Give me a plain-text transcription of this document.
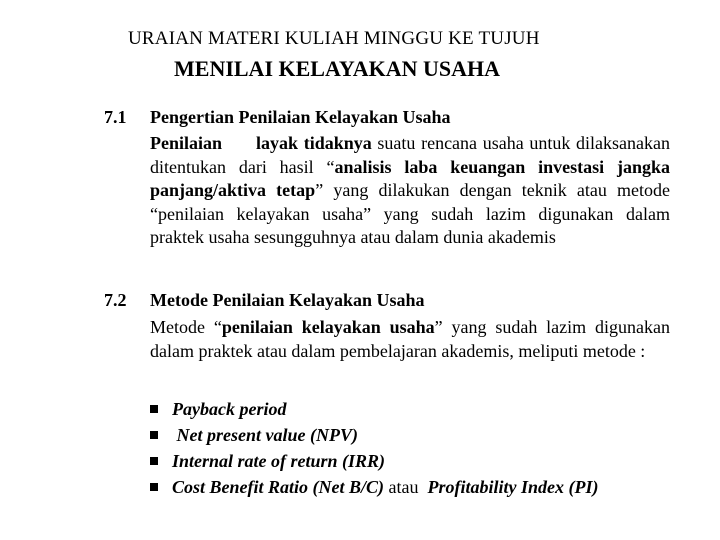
URAIAN MATERI KULIAH MINGGU KE TUJUH
MENILAI KELAYAKAN USAHA
7.1 Pengertian Penilaian Kelayakan Usaha
Penilaian      layak tidaknya suatu rencana usaha untuk dilaksanakan ditentukan dari hasil “analisis laba keuangan investasi jangka panjang/aktiva tetap” yang dilakukan dengan teknik atau metode “penilaian kelayakan usaha” yang sudah lazim digunakan dalam praktek usaha sesungguhnya atau dalam dunia akademis
7.2 Metode Penilaian Kelayakan Usaha
Metode “penilaian kelayakan usaha” yang sudah lazim digunakan dalam praktek atau dalam pembelajaran akademis, meliputi metode :
Payback period
Net present value (NPV)
Internal rate of return (IRR)
Cost Benefit Ratio (Net B/C) atau  Profitability Index (PI)
